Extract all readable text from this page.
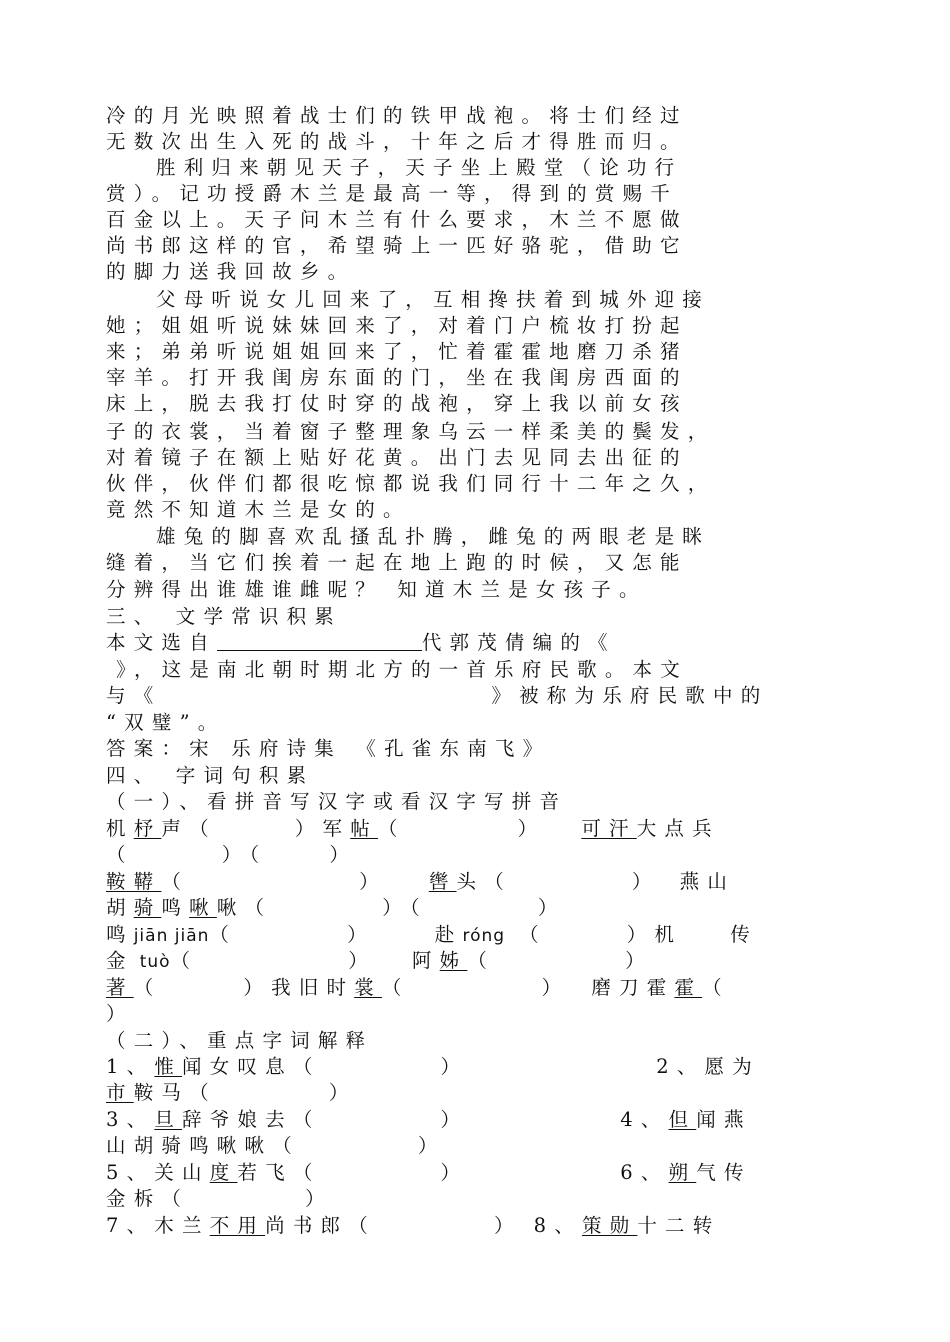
冷的月光映照着战士们的铁甲战袍。将士们经过
无数次出生入死的战斗，十年之后才得胜而归。
胜利归来朝见天子，天子坐上殿堂（论功行
赏）。记功授爵木兰是最高一等，得到的赏赐千
百金以上。天子问木兰有什么要求，木兰不愿做
尚书郎这样的官，希望骑上一匹好骆驼，借助它
的脚力送我回故乡。
父母听说女儿回来了，互相搀扶着到城外迎接
她；姐姐听说妹妹回来了，对着门户梳妆打扮起
来；弟弟听说姐姐回来了，忙着霍霍地磨刀杀猪
宰羊。打开我闺房东面的门，坐在我闺房西面的
床上，脱去我打仗时穿的战袍，穿上我以前女孩
子的衣裳，当着窗子整理象乌云一样柔美的鬓发，
对着镜子在额上贴好花黄。出门去见同去出征的
伙伴，伙伴们都很吃惊都说我们同行十二年之久，
竟然不知道木兰是女的。
雄兔的脚喜欢乱搔乱扑腾，雌兔的两眼老是眯
缝着，当它们挨着一起在地上跑的时候，又怎能
分辨得出谁雄谁雌呢？ 知道木兰是女孩子。
三、 文学常识积累
本文选自	代郭茂倩编的《
》，这是南北朝时期北方的一首乐府民歌。本文
与《	》被称为乐府民歌中的
“双璧”。
答案：宋 乐府诗集 《孔雀东南飞》
四、 字词句积累
（一）、看拼音写汉字或看汉字写拼音
机杼声（	）军帖（	） 可汗大点兵
（	）（	）
鞍鞯（	） 辔头（	） 燕山
胡骑鸣啾啾（	）（	）
鸣jiān jiān（	）	赴róng （	）机 传
金 tuò（	） 阿姊（	）
著（	）我旧时裳（	） 磨刀霍霍（
）
（二）、重点字词解释
1、惟闻女叹息（	）	2、愿为
市鞍马（	）
3、旦辞爷娘去（	）	4、但闻燕
山胡骑鸣啾啾（	）
5、关山度若飞（	）	6、朔气传
金柝（	）
7、木兰不用尚书郎（	） 8、策勋十二转
